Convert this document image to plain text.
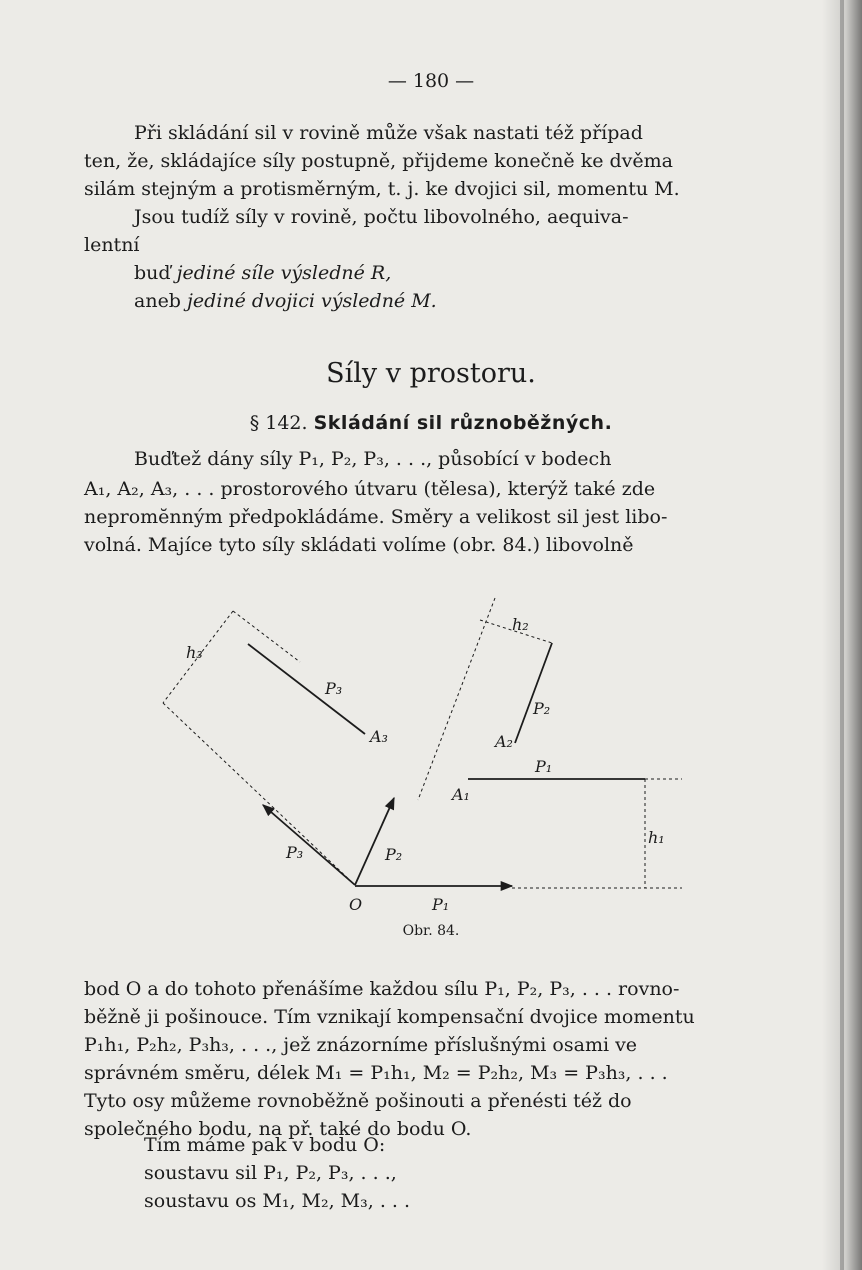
— 180 —
Při skládání sil v rovině může však nastati též případ
ten, že, skládajíce síly postupně, přijdeme konečně ke dvěma
silám stejným a protisměrným, t. j. ke dvojici sil, momentu M.
Jsou tudíž síly v rovině, počtu libovolného, aequiva-
lentní
buď
jediné síle výsledné R,
aneb
jediné dvojici výsledné M.
Síly v prostoru.
§ 142. Skládání sil různoběžných.
Buďtež dány síly P₁, P₂, P₃, . . ., působící v bodech
A₁, A₂, A₃, . . . prostorového útvaru (tělesa), kterýž také zde
nepromĕnným předpokládáme. Směry a velikost sil jest libo-
volná. Majíce tyto síly skládati volíme (obr. 84.) libovolně
h₃
P₃
A₃
h₂
P₂
A₂
P₁
A₁
h₁
P₃	P₂
O	P₁
Obr. 84.
bod O a do tohoto přenášíme každou sílu P₁, P₂, P₃, . . . rovno-
běžně ji pošinouce. Tím vznikají kompensační dvojice momentu
P₁h₁, P₂h₂, P₃h₃, . . ., jež znázorníme příslušnými osami ve
správném směru, délek M₁ = P₁h₁, M₂ = P₂h₂, M₃ = P₃h₃, . . .
Tyto osy můžeme rovnoběžně pošinouti a přenésti též do
společného bodu, na př. také do bodu O.
Tím máme pak v bodu O:
soustavu sil P₁, P₂, P₃, . . .,
soustavu os M₁, M₂, M₃, . . .
